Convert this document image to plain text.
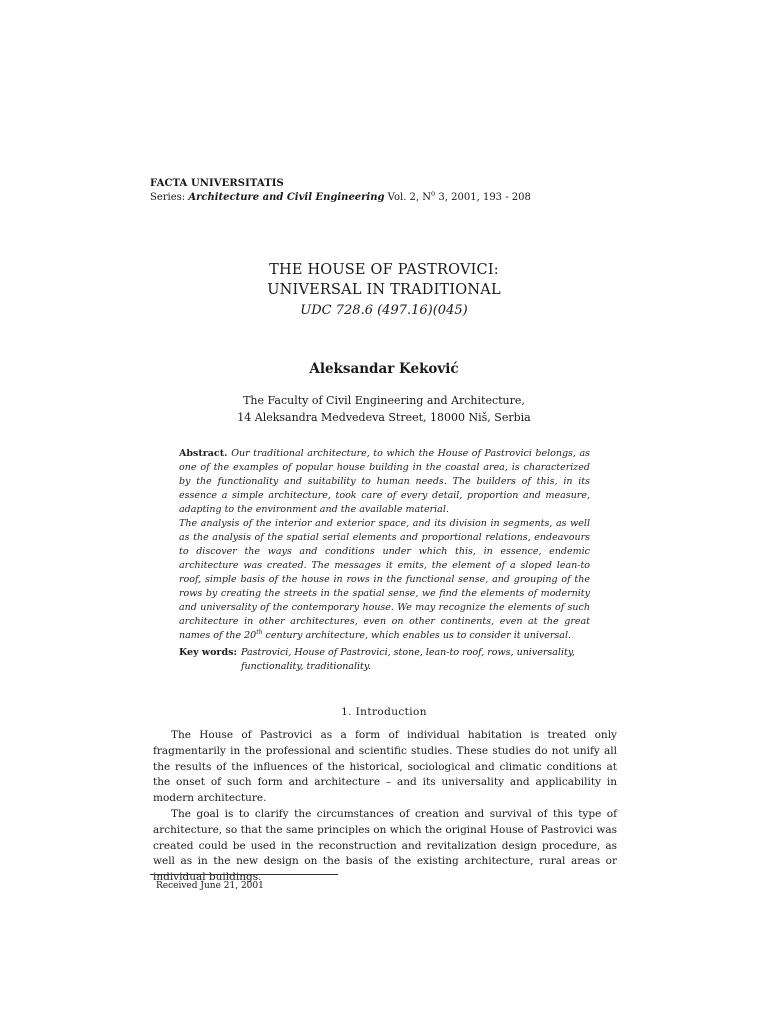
FACTA UNIVERSITATIS
Series: Architecture and Civil Engineering Vol. 2, $N^o$ 3, 2001, 193 - 208
THE HOUSE OF PASTROVICI:
UNIVERSAL IN TRADITIONAL
UDC 728.6 (497.16)(045)
Aleksandar Keković
The Faculty of Civil Engineering and Architecture,
14 Aleksandra Medvedeva Street, 18000 Niš, Serbia

Abstract. Our traditional architecture, to which the House of Pastrovici belongs, as one of the examples of popular house building in the coastal area, is characterized by the functionality and suitability to human needs. The builders of this, in its essence a simple architecture, took care of every detail, proportion and measure, adapting to the environment and the available material.

The analysis of the interior and exterior space, and its division in segments, as well as the analysis of the spatial serial elements and proportional relations, endeavours to discover the ways and conditions under which this, in essence, endemic architecture was created. The messages it emits, the element of a sloped lean-to roof, simple basis of the house in rows in the functional sense, and grouping of the rows by creating the streets in the spatial sense, we find the elements of modernity and universality of the contemporary house. We may recognize the elements of such architecture in other architectures, even on other continents, even at the great names of the 20th century architecture, which enables us to consider it universal.

Key words: Pastrovici, House of Pastrovici, stone, lean-to roof, rows, universality, functionality, traditionality.
1. Introduction

The House of Pastrovici as a form of individual habitation is treated only fragmentarily in the professional and scientific studies. These studies do not unify all the results of the influences of the historical, sociological and climatic conditions at the onset of such form and architecture – and its universality and applicability in modern architecture.

The goal is to clarify the circumstances of creation and survival of this type of architecture, so that the same principles on which the original House of Pastrovici was created could be used in the reconstruction and revitalization design procedure, as well as in the new design on the basis of the existing architecture, rural areas or individual buildings.

Received June 21, 2001
